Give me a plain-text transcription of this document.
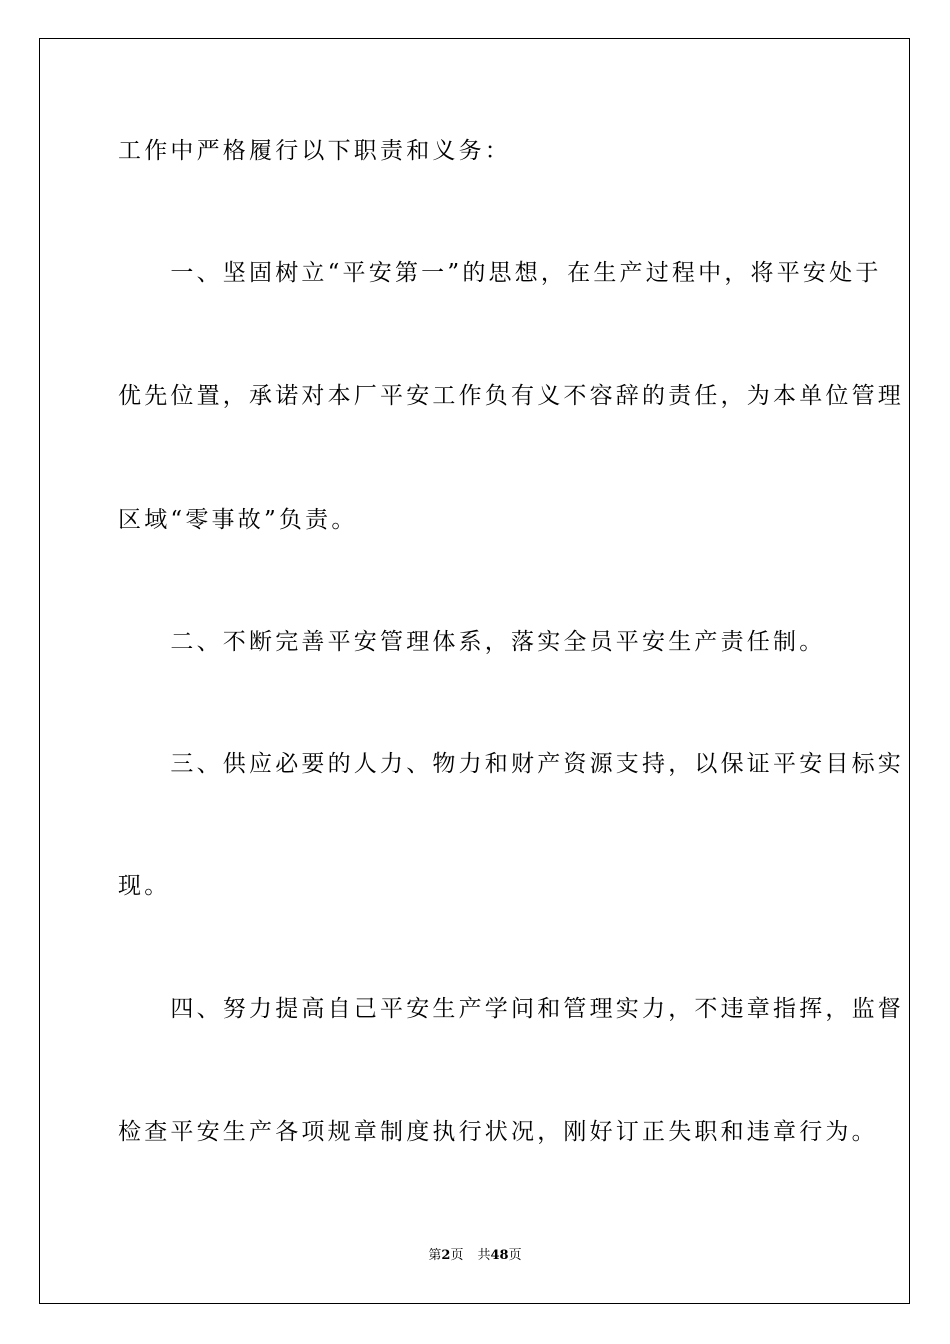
工作中严格履行以下职责和义务：
　　一、坚固树立“平安第一”的思想，在生产过程中，将平安处于
优先位置，承诺对本厂平安工作负有义不容辞的责任，为本单位管理
区域“零事故”负责。
　　二、不断完善平安管理体系，落实全员平安生产责任制。
　　三、供应必要的人力、物力和财产资源支持，以保证平安目标实
现。
　　四、努力提高自己平安生产学问和管理实力，不违章指挥，监督
检查平安生产各项规章制度执行状况，刚好订正失职和违章行为。
第2页 共48页
